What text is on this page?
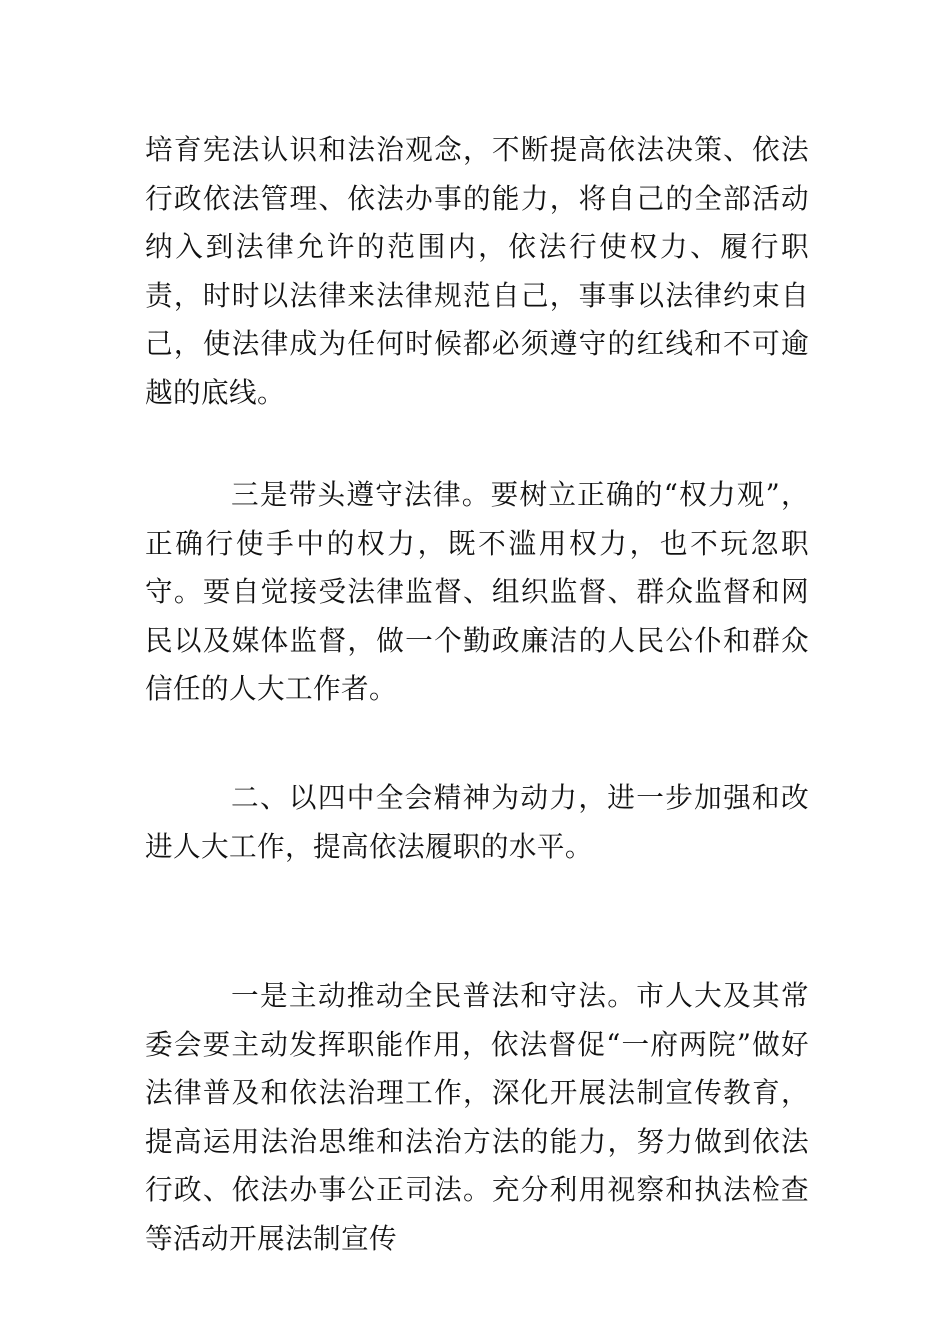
培育宪法认识和法治观念，不断提高依法决策、依法行政依法管理、依法办事的能力，将自己的全部活动纳入到法律允许的范围内，依法行使权力、履行职责，时时以法律来法律规范自己，事事以法律约束自己，使法律成为任何时候都必须遵守的红线和不可逾越的底线。

三是带头遵守法律。要树立正确的“权力观”，正确行使手中的权力，既不滥用权力，也不玩忽职守。要自觉接受法律监督、组织监督、群众监督和网民以及媒体监督，做一个勤政廉洁的人民公仆和群众信任的人大工作者。

二、以四中全会精神为动力，进一步加强和改进人大工作，提高依法履职的水平。

一是主动推动全民普法和守法。市人大及其常委会要主动发挥职能作用，依法督促“一府两院”做好法律普及和依法治理工作，深化开展法制宣传教育，提高运用法治思维和法治方法的能力，努力做到依法行政、依法办事公正司法。充分利用视察和执法检查等活动开展法制宣传
